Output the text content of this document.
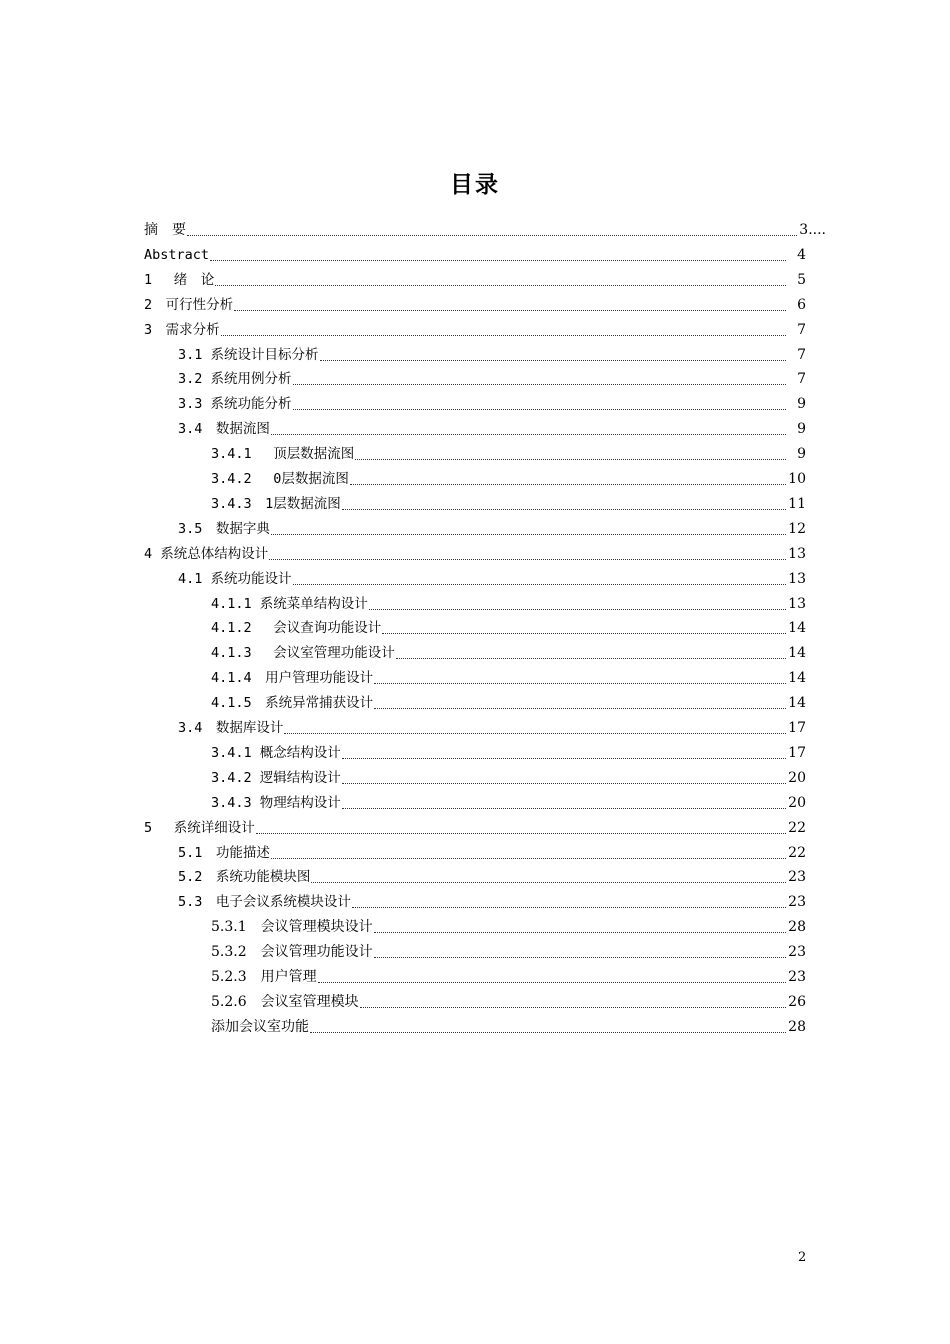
目录
摘　要	3....
Abstract	4
1　 绪　论	5
2　可行性分析	6
3　需求分析	7
3.1 系统设计目标分析	7
3.2 系统用例分析	7
3.3 系统功能分析	9
3.4　数据流图	9
3.4.1　 顶层数据流图	9
3.4.2　 0层数据流图	10
3.4.3　1层数据流图	11
3.5　数据字典	12
4 系统总体结构设计	13
4.1 系统功能设计	13
4.1.1 系统菜单结构设计	13
4.1.2　 会议查询功能设计	14
4.1.3　 会议室管理功能设计	14
4.1.4　用户管理功能设计	14
4.1.5　系统异常捕获设计	14
3.4　数据库设计	17
3.4.1 概念结构设计	17
3.4.2 逻辑结构设计	20
3.4.3 物理结构设计	20
5　 系统详细设计	22
5.1　功能描述	22
5.2　系统功能模块图	23
5.3　电子会议系统模块设计	23
5.3.1　会议管理模块设计	28
5.3.2　会议管理功能设计	23
5.2.3　用户管理	23
5.2.6　会议室管理模块	26
添加会议室功能	28
2
